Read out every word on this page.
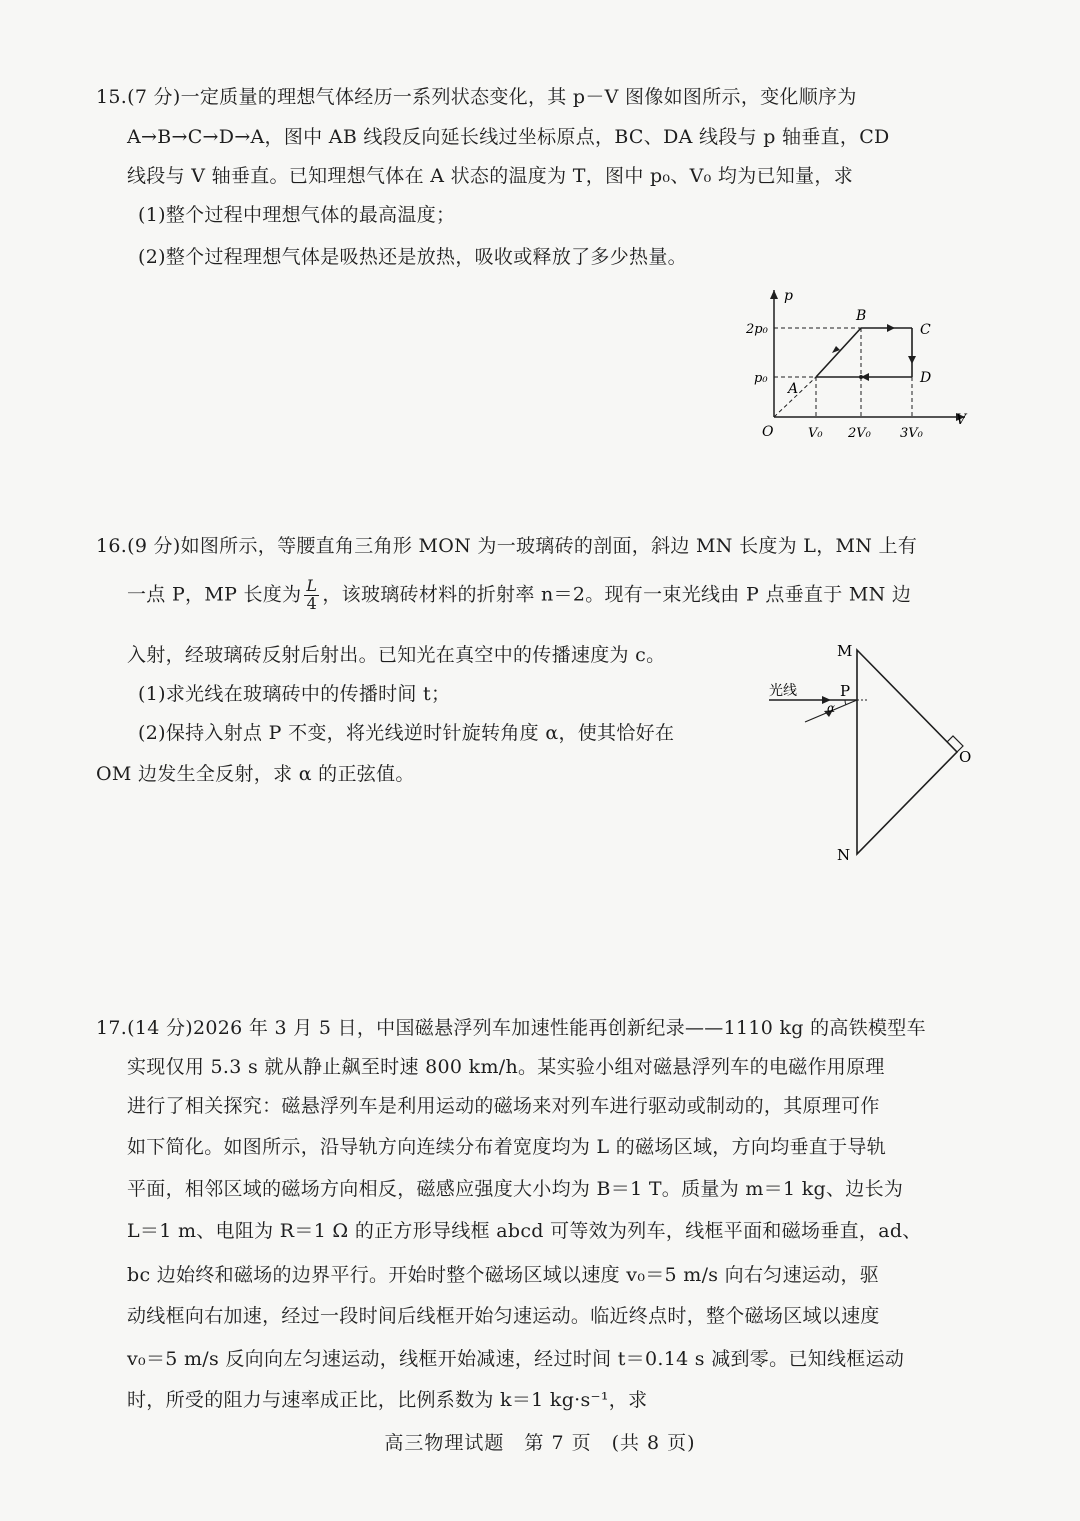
15.(7 分)一定质量的理想气体经历一系列状态变化，其 p－V 图像如图所示，变化顺序为
A→B→C→D→A，图中 AB 线段反向延长线过坐标原点，BC、DA 线段与 p 轴垂直，CD
线段与 V 轴垂直。已知理想气体在 A 状态的温度为 T，图中 p₀、V₀ 均为已知量，求
(1)整个过程中理想气体的最高温度；
(2)整个过程理想气体是吸热还是放热，吸收或释放了多少热量。
p
V
O
A
B
C
D
2p₀
p₀
V₀ 2V₀ 3V₀
16.(9 分)如图所示，等腰直角三角形 MON 为一玻璃砖的剖面，斜边 MN 长度为 L，MN 上有
一点 P，MP 长度为 $\frac{L}{4}$ ，该玻璃砖材料的折射率 n＝2。现有一束光线由 P 点垂直于 MN 边
入射，经玻璃砖反射后射出。已知光在真空中的传播速度为 c。
(1)求光线在玻璃砖中的传播时间 t；
(2)保持入射点 P 不变，将光线逆时针旋转角度 α，使其恰好在
OM 边发生全反射，求 α 的正弦值。
M
N
O
P
光线
α
17.(14 分)2026 年 3 月 5 日，中国磁悬浮列车加速性能再创新纪录——1110 kg 的高铁模型车
实现仅用 5.3 s 就从静止飙至时速 800 km/h。某实验小组对磁悬浮列车的电磁作用原理
进行了相关探究：磁悬浮列车是利用运动的磁场来对列车进行驱动或制动的，其原理可作
如下简化。如图所示，沿导轨方向连续分布着宽度均为 L 的磁场区域，方向均垂直于导轨
平面，相邻区域的磁场方向相反，磁感应强度大小均为 B＝1 T。质量为 m＝1 kg、边长为
L＝1 m、电阻为 R＝1 Ω 的正方形导线框 abcd 可等效为列车，线框平面和磁场垂直，ad、
bc 边始终和磁场的边界平行。开始时整个磁场区域以速度 v₀＝5 m/s 向右匀速运动，驱
动线框向右加速，经过一段时间后线框开始匀速运动。临近终点时，整个磁场区域以速度
v₀＝5 m/s 反向向左匀速运动，线框开始减速，经过时间 t＝0.14 s 减到零。已知线框运动
时，所受的阻力与速率成正比，比例系数为 k＝1 kg·s⁻¹，求
高三物理试题　第 7 页　(共 8 页)
